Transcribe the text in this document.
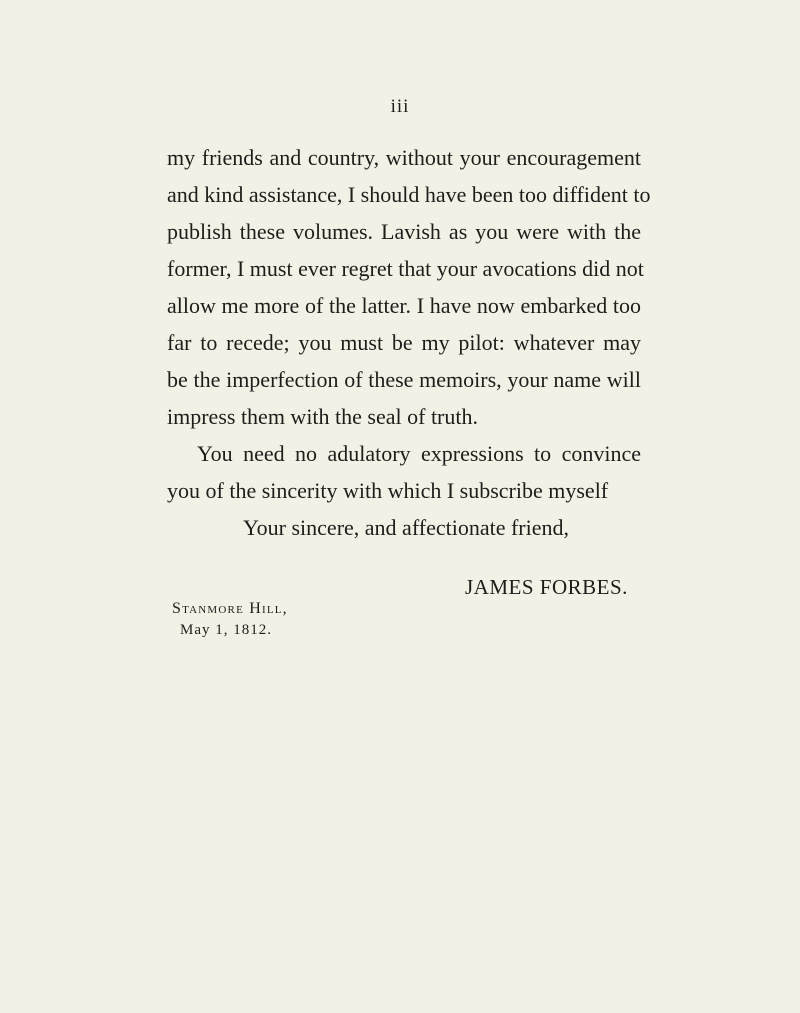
iii
my friends and country, without your encouragement
and kind assistance, I should have been too diffident to
publish these volumes. Lavish as you were with the
former, I must ever regret that your avocations did not
allow me more of the latter. I have now embarked too
far to recede; you must be my pilot: whatever may
be the imperfection of these memoirs, your name will
impress them with the seal of truth.
You need no adulatory expressions to convince
you of the sincerity with which I subscribe myself
Your sincere, and affectionate friend,
JAMES FORBES.
Stanmore Hill,
May 1, 1812.
